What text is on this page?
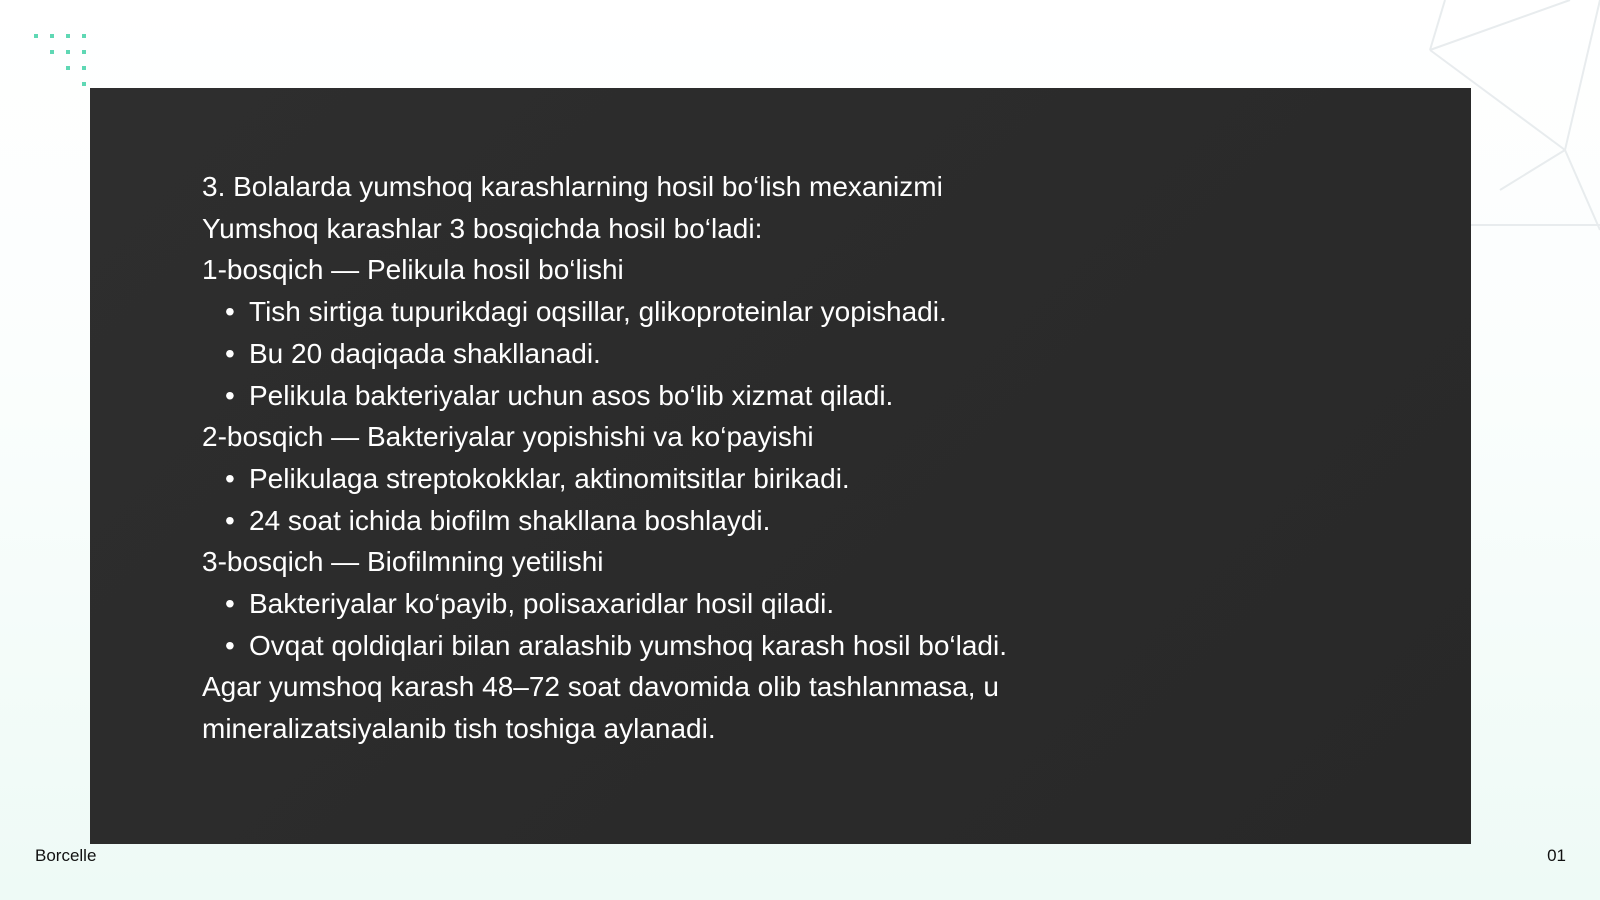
3. Bolalarda yumshoq karashlarning hosil bo‘lish mexanizmi
Yumshoq karashlar 3 bosqichda hosil bo‘ladi:
1-bosqich — Pelikula hosil bo‘lishi
• Tish sirtiga tupurikdagi oqsillar, glikoproteinlar yopishadi.
• Bu 20 daqiqada shakllanadi.
• Pelikula bakteriyalar uchun asos bo‘lib xizmat qiladi.
2-bosqich — Bakteriyalar yopishishi va ko‘payishi
• Pelikulaga streptokokklar, aktinomitsitlar birikadi.
• 24 soat ichida biofilm shakllana boshlaydi.
3-bosqich — Biofilmning yetilishi
• Bakteriyalar ko‘payib, polisaxaridlar hosil qiladi.
• Ovqat qoldiqlari bilan aralashib yumshoq karash hosil bo‘ladi.
Agar yumshoq karash 48–72 soat davomida olib tashlanmasa, u mineralizatsiyalanib tish toshiga aylanadi.
Borcelle	01
